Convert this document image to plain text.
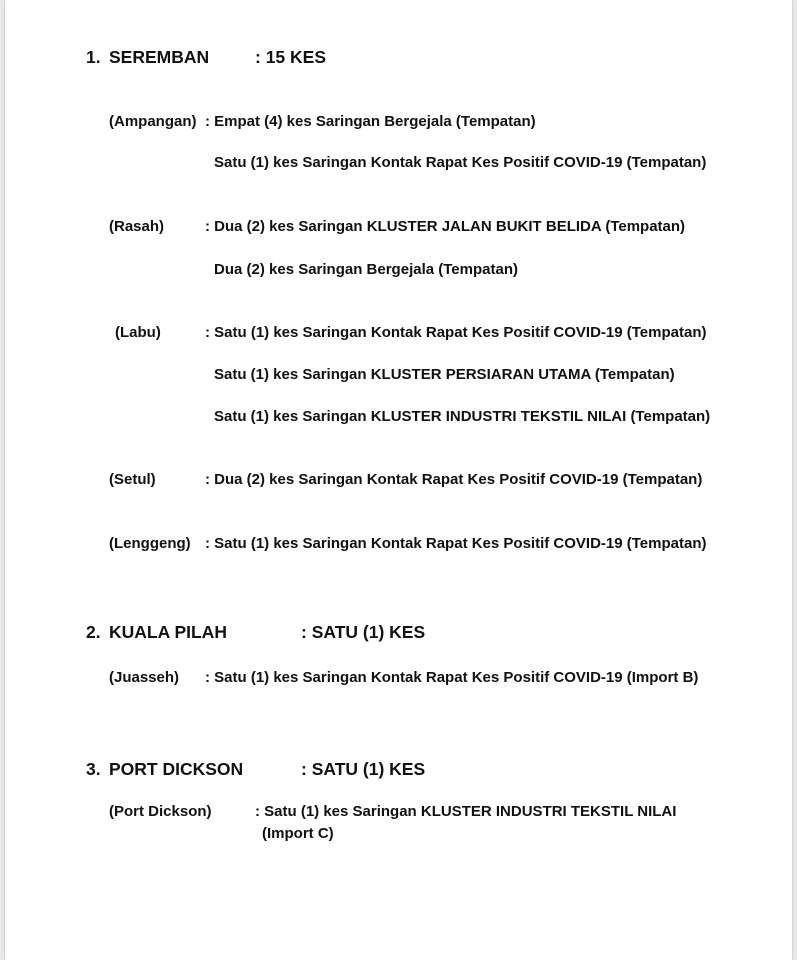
1. SEREMBAN	: 15 KES
(Ampangan) : Empat (4) kes Saringan Bergejala (Tempatan)
Satu (1) kes Saringan Kontak Rapat Kes Positif COVID-19 (Tempatan)
(Rasah)	: Dua (2) kes Saringan KLUSTER JALAN BUKIT BELIDA (Tempatan)
Dua (2) kes Saringan Bergejala (Tempatan)
(Labu)	: Satu (1) kes Saringan Kontak Rapat Kes Positif COVID-19 (Tempatan)
Satu (1) kes Saringan KLUSTER PERSIARAN UTAMA (Tempatan)
Satu (1) kes Saringan KLUSTER INDUSTRI TEKSTIL NILAI (Tempatan)
(Setul)	: Dua (2) kes Saringan Kontak Rapat Kes Positif COVID-19 (Tempatan)
(Lenggeng) : Satu (1) kes Saringan Kontak Rapat Kes Positif COVID-19 (Tempatan)
2. KUALA PILAH	: SATU (1) KES
(Juasseh) : Satu (1) kes Saringan Kontak Rapat Kes Positif COVID-19 (Import B)
3. PORT DICKSON	: SATU (1) KES
(Port Dickson)	: Satu (1) kes Saringan KLUSTER INDUSTRI TEKSTIL NILAI
(Import C)
